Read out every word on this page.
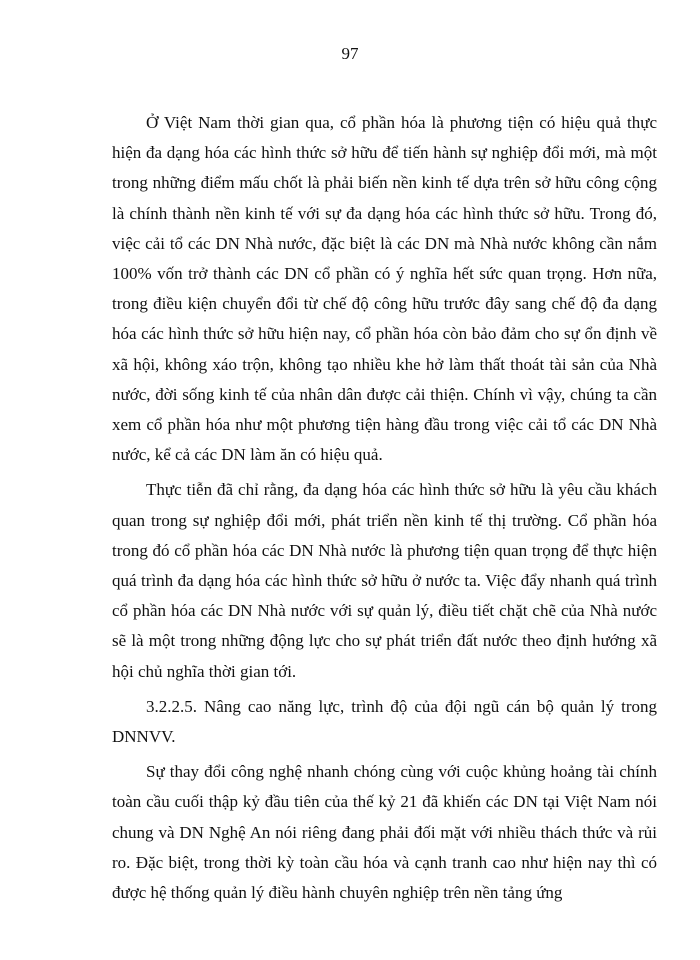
97

Ở Việt Nam thời gian qua, cổ phần hóa là phương tiện có hiệu quả thực hiện đa dạng hóa các hình thức sở hữu để tiến hành sự nghiệp đổi mới, mà một trong những điểm mấu chốt là phải biến nền kinh tế dựa trên sở hữu công cộng là chính thành nền kinh tế với sự đa dạng hóa các hình thức sở hữu. Trong đó, việc cải tổ các DN Nhà nước, đặc biệt là các DN mà Nhà nước không cần nắm 100% vốn trở thành các DN cổ phần có ý nghĩa hết sức quan trọng. Hơn nữa, trong điều kiện chuyển đổi từ chế độ công hữu trước đây sang chế độ đa dạng hóa các hình thức sở hữu hiện nay, cổ phần hóa còn bảo đảm cho sự ổn định về xã hội, không xáo trộn, không tạo nhiều khe hở làm thất thoát tài sản của Nhà nước, đời sống kinh tế của nhân dân được cải thiện. Chính vì vậy, chúng ta cần xem cổ phần hóa như một phương tiện hàng đầu trong việc cải tổ các DN Nhà nước, kể cả các DN làm ăn có hiệu quả.

Thực tiễn đã chỉ rằng, đa dạng hóa các hình thức sở hữu là yêu cầu khách quan trong sự nghiệp đổi mới, phát triển nền kinh tế thị trường. Cổ phần hóa trong đó cổ phần hóa các DN Nhà nước là phương tiện quan trọng để thực hiện quá trình đa dạng hóa các hình thức sở hữu ở nước ta. Việc đẩy nhanh quá trình cổ phần hóa các DN Nhà nước với sự quản lý, điều tiết chặt chẽ của Nhà nước sẽ là một trong những động lực cho sự phát triển đất nước theo định hướng xã hội chủ nghĩa thời gian tới.

3.2.2.5. Nâng cao năng lực, trình độ của đội ngũ cán bộ quản lý trong DNNVV.

Sự thay đổi công nghệ nhanh chóng cùng với cuộc khủng hoảng tài chính toàn cầu cuối thập kỷ đầu tiên của thế kỷ 21 đã khiến các DN tại Việt Nam nói chung và DN Nghệ An nói riêng đang phải đối mặt với nhiều thách thức và rủi ro. Đặc biệt, trong thời kỳ toàn cầu hóa và cạnh tranh cao như hiện nay thì có được hệ thống quản lý điều hành chuyên nghiệp trên nền tảng ứng
